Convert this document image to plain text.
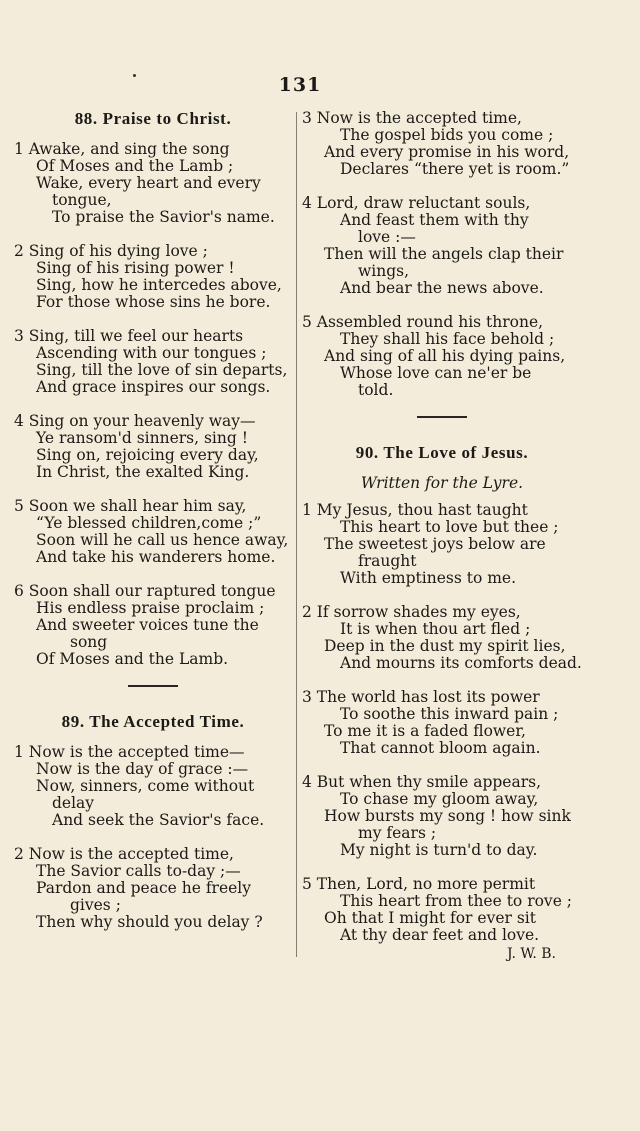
131
88. Praise to Christ.
1 Awake, and sing the song
Of Moses and the Lamb ;
Wake, every heart and every
tongue,
To praise the Savior's name.
2 Sing of his dying love ;
Sing of his rising power !
Sing, how he intercedes above,
For those whose sins he bore.
3 Sing, till we feel our hearts
Ascending with our tongues ;
Sing, till the love of sin departs,
And grace inspires our songs.
4 Sing on your heavenly way—
Ye ransom'd sinners, sing !
Sing on, rejoicing every day,
In Christ, the exalted King.
5 Soon we shall hear him say,
“Ye blessed children,come ;”
Soon will he call us hence away,
And take his wanderers home.
6 Soon shall our raptured tongue
His endless praise proclaim ;
And sweeter voices tune the
song
Of Moses and the Lamb.
89. The Accepted Time.
1 Now is the accepted time—
Now is the day of grace :—
Now, sinners, come without
delay
And seek the Savior's face.
2 Now is the accepted time,
The Savior calls to-day ;—
Pardon and peace he freely
gives ;
Then why should you delay ?
3 Now is the accepted time,
The gospel bids you come ;
And every promise in his word,
Declares “there yet is room.”
4 Lord, draw reluctant souls,
And feast them with thy
love :—
Then will the angels clap their
wings,
And bear the news above.
5 Assembled round his throne,
They shall his face behold ;
And sing of all his dying pains,
Whose love can ne'er be
told.
90. The Love of Jesus.
Written for the Lyre.
1 My Jesus, thou hast taught
This heart to love but thee ;
The sweetest joys below are
fraught
With emptiness to me.
2 If sorrow shades my eyes,
It is when thou art fled ;
Deep in the dust my spirit lies,
And mourns its comforts dead.
3 The world has lost its power
To soothe this inward pain ;
To me it is a faded flower,
That cannot bloom again.
4 But when thy smile appears,
To chase my gloom away,
How bursts my song ! how sink
my fears ;
My night is turn'd to day.
5 Then, Lord, no more permit
This heart from thee to rove ;
Oh that I might for ever sit
At thy dear feet and love.
J. W. B.
